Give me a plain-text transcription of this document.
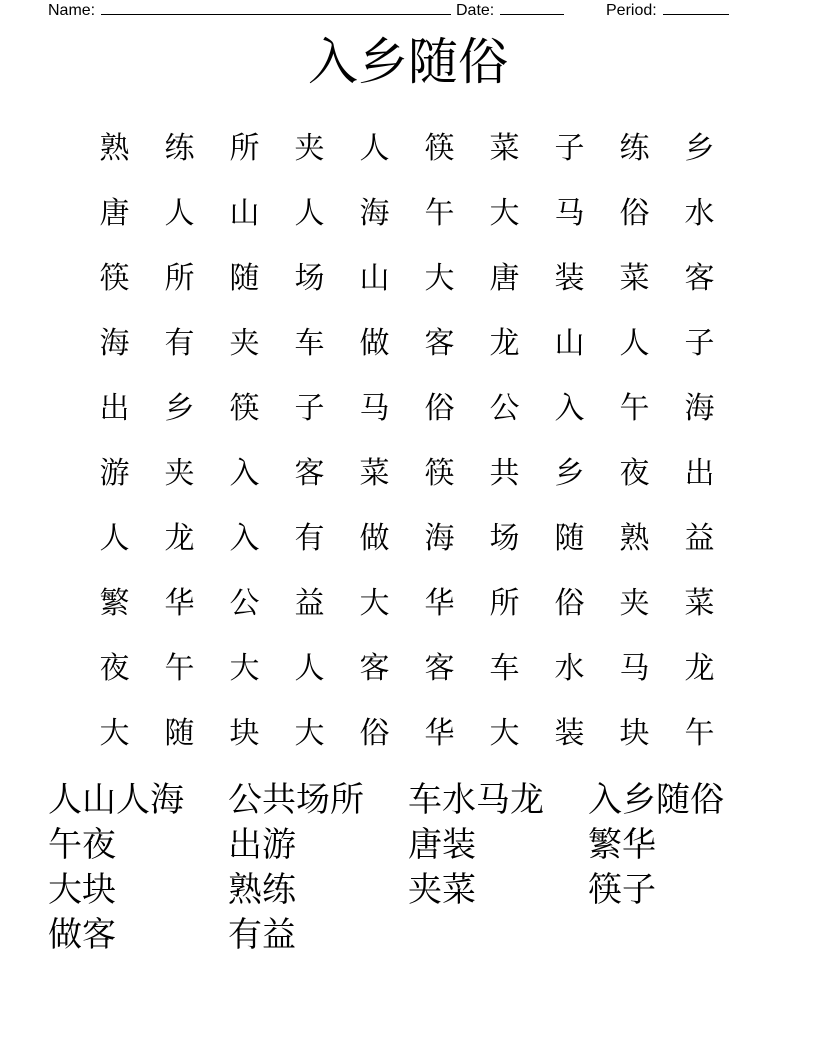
Name:	Date:	Period:
入乡随俗
熟	练	所	夹	人	筷	菜	子	练	乡
唐	人	山	人	海	午	大	马	俗	水
筷	所	随	场	山	大	唐	装	菜	客
海	有	夹	车	做	客	龙	山	人	子
出	乡	筷	子	马	俗	公	入	午	海
游	夹	入	客	菜	筷	共	乡	夜	出
人	龙	入	有	做	海	场	随	熟	益
繁	华	公	益	大	华	所	俗	夹	菜
夜	午	大	人	客	客	车	水	马	龙
大	随	块	大	俗	华	大	装	块	午
人山人海	公共场所	车水马龙	入乡随俗
午夜	出游	唐装	繁华
大块	熟练	夹菜	筷子
做客	有益
